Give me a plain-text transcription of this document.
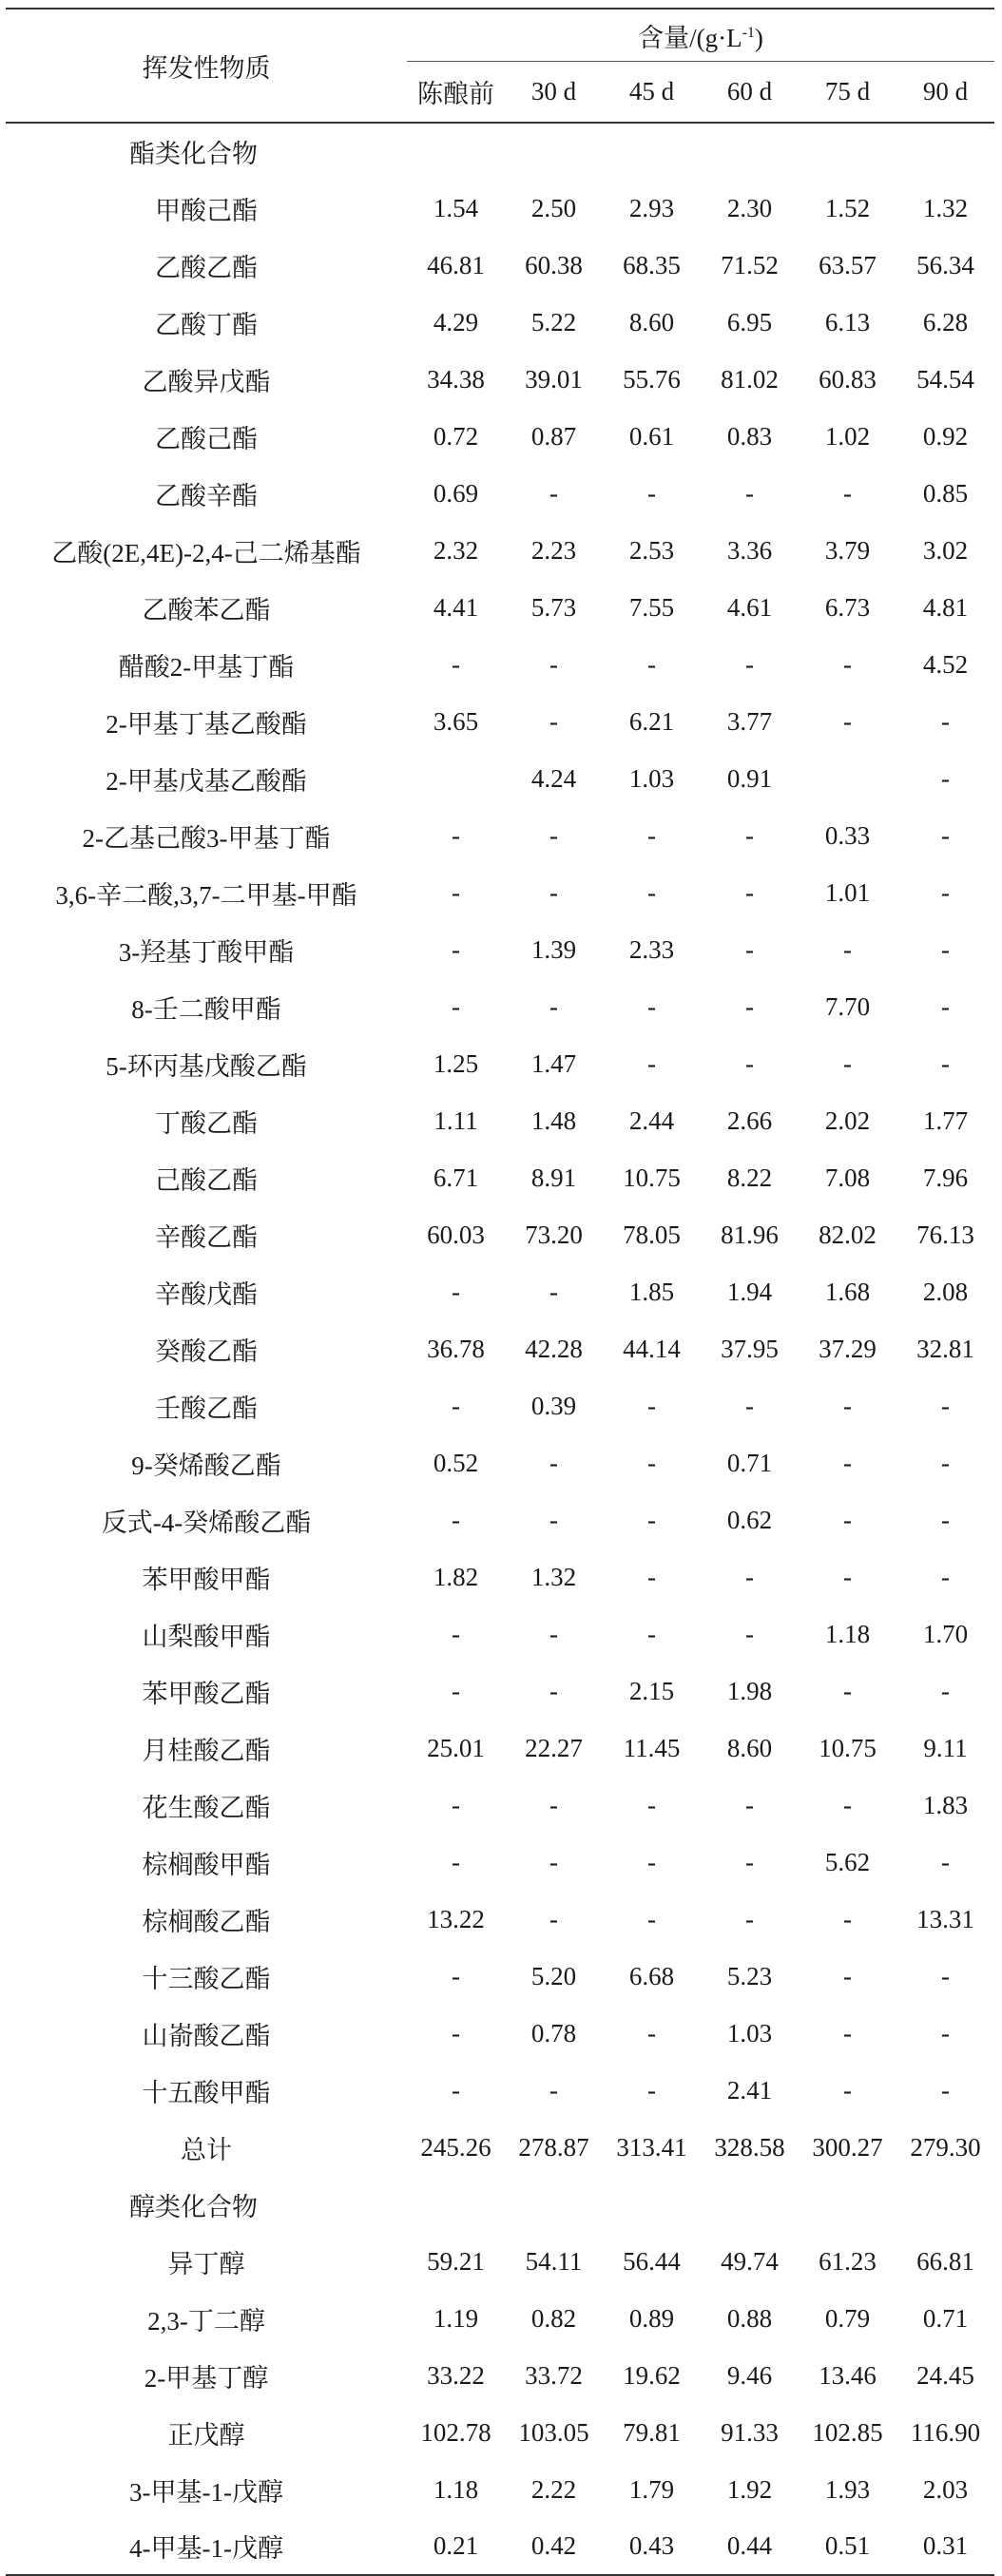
挥发性物质	含量$/(g\cdot L^{-1})$					
	陈酿前	30 d	45 d	60 d	75 d	90 d
酯类化合物						
甲酸己酯	1.54	2.50	2.93	2.30	1.52	1.32
乙酸乙酯	46.81	60.38	68.35	71.52	63.57	56.34
乙酸丁酯	4.29	5.22	8.60	6.95	6.13	6.28
乙酸异戊酯	34.38	39.01	55.76	81.02	60.83	54.54
乙酸己酯	0.72	0.87	0.61	0.83	1.02	0.92
乙酸辛酯	0.69	-	-	-	-	0.85
乙酸(2E,4E)-2,4-己二烯基酯	2.32	2.23	2.53	3.36	3.79	3.02
乙酸苯乙酯	4.41	5.73	7.55	4.61	6.73	4.81
醋酸2-甲基丁酯	-	-	-	-	-	4.52
2-甲基丁基乙酸酯	3.65	-	6.21	3.77	-	-
2-甲基戊基乙酸酯		4.24	1.03	0.91		-
2-乙基己酸3-甲基丁酯	-	-	-	-	0.33	-
3,6-辛二酸,3,7-二甲基-甲酯	-	-	-	-	1.01	-
3-羟基丁酸甲酯	-	1.39	2.33	-	-	-
8-壬二酸甲酯	-	-	-	-	7.70	-
5-环丙基戊酸乙酯	1.25	1.47	-	-	-	-
丁酸乙酯	1.11	1.48	2.44	2.66	2.02	1.77
己酸乙酯	6.71	8.91	10.75	8.22	7.08	7.96
辛酸乙酯	60.03	73.20	78.05	81.96	82.02	76.13
辛酸戊酯	-	-	1.85	1.94	1.68	2.08
癸酸乙酯	36.78	42.28	44.14	37.95	37.29	32.81
壬酸乙酯	-	0.39	-	-	-	-
9-癸烯酸乙酯	0.52	-	-	0.71	-	-
反式-4-癸烯酸乙酯	-	-	-	0.62	-	-
苯甲酸甲酯	1.82	1.32	-	-	-	-
山梨酸甲酯	-	-	-	-	1.18	1.70
苯甲酸乙酯	-	-	2.15	1.98	-	-
月桂酸乙酯	25.01	22.27	11.45	8.60	10.75	9.11
花生酸乙酯	-	-	-	-	-	1.83
棕榈酸甲酯	-	-	-	-	5.62	-
棕榈酸乙酯	13.22	-	-	-	-	13.31
十三酸乙酯	-	5.20	6.68	5.23	-	-
山嵛酸乙酯	-	0.78	-	1.03	-	-
十五酸甲酯	-	-	-	2.41	-	-
总计	245.26	278.87	313.41	328.58	300.27	279.30
醇类化合物						
异丁醇	59.21	54.11	56.44	49.74	61.23	66.81
2,3-丁二醇	1.19	0.82	0.89	0.88	0.79	0.71
2-甲基丁醇	33.22	33.72	19.62	9.46	13.46	24.45
正戊醇	102.78	103.05	79.81	91.33	102.85	116.90
3-甲基-1-戊醇	1.18	2.22	1.79	1.92	1.93	2.03
4-甲基-1-戊醇	0.21	0.42	0.43	0.44	0.51	0.31
